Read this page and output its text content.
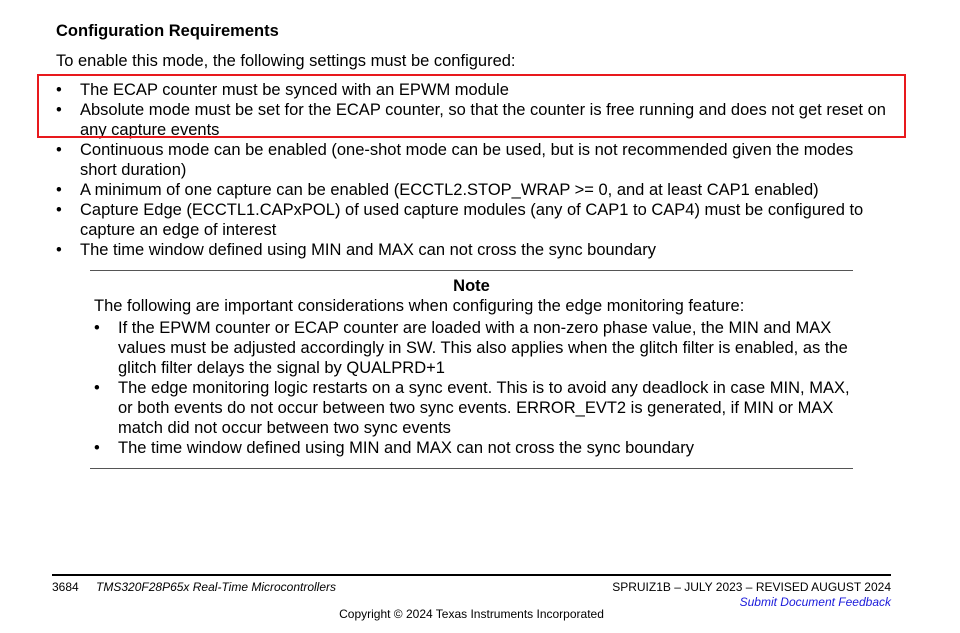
Configuration Requirements

To enable this mode, the following settings must be configured:

• The ECAP counter must be synced with an EPWM module
• Absolute mode must be set for the ECAP counter, so that the counter is free running and does not get reset on any capture events
• Continuous mode can be enabled (one-shot mode can be used, but is not recommended given the modes short duration)
• A minimum of one capture can be enabled (ECCTL2.STOP_WRAP >= 0, and at least CAP1 enabled)
• Capture Edge (ECCTL1.CAPxPOL) of used capture modules (any of CAP1 to CAP4) must be configured to capture an edge of interest
• The time window defined using MIN and MAX can not cross the sync boundary

Note

The following are important considerations when configuring the edge monitoring feature:

• If the EPWM counter or ECAP counter are loaded with a non-zero phase value, the MIN and MAX values must be adjusted accordingly in SW. This also applies when the glitch filter is enabled, as the glitch filter delays the signal by QUALPRD+1
• The edge monitoring logic restarts on a sync event. This is to avoid any deadlock in case MIN, MAX, or both events do not occur between two sync events. ERROR_EVT2 is generated, if MIN or MAX match did not occur between two sync events
• The time window defined using MIN and MAX can not cross the sync boundary
3684 TMS320F28P65x Real-Time Microcontrollers	SPRUIZ1B – JULY 2023 – REVISED AUGUST 2024
Submit Document Feedback
Copyright © 2024 Texas Instruments Incorporated
